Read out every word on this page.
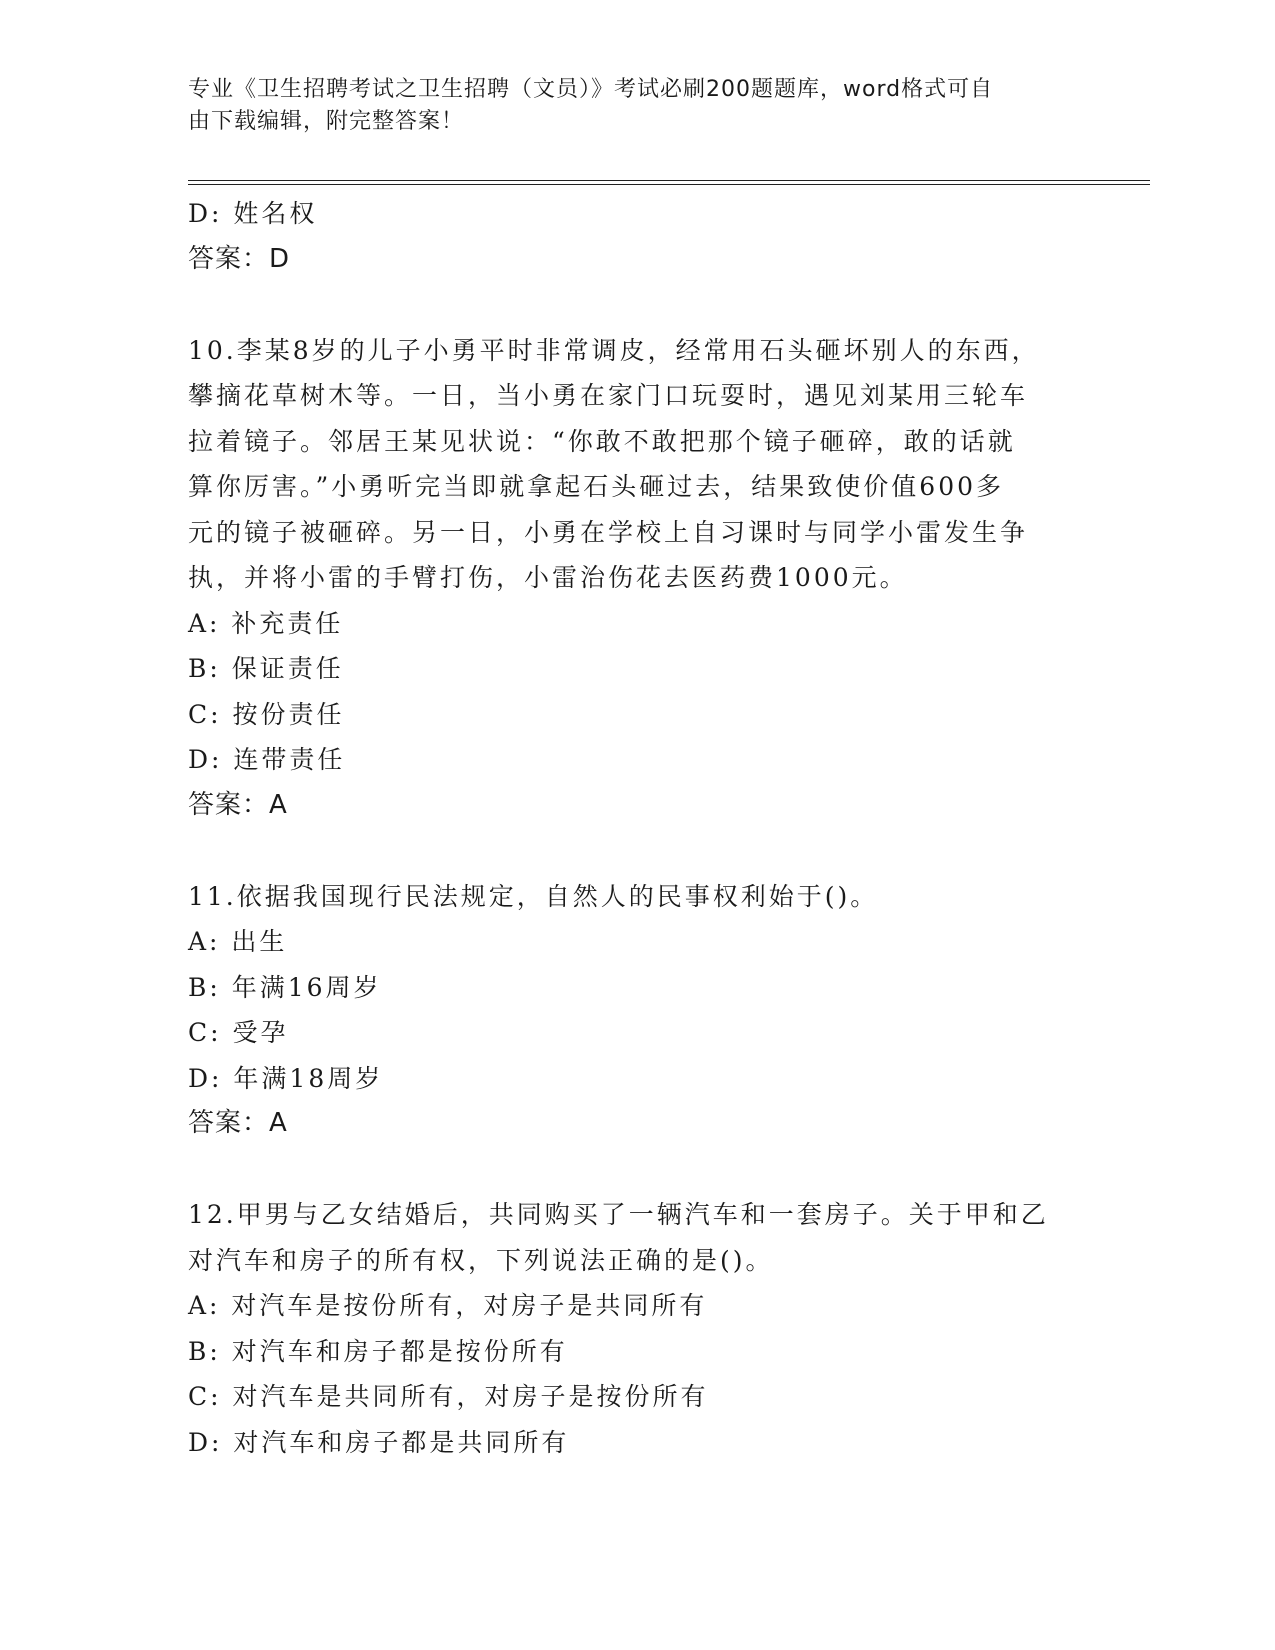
专业《卫生招聘考试之卫生招聘（文员）》考试必刷200题题库，word格式可自
由下载编辑，附完整答案！
D: 姓名权
答案：D
10.李某8岁的儿子小勇平时非常调皮，经常用石头砸坏别人的东西，
攀摘花草树木等。一日，当小勇在家门口玩耍时，遇见刘某用三轮车
拉着镜子。邻居王某见状说：“你敢不敢把那个镜子砸碎，敢的话就
算你厉害。”小勇听完当即就拿起石头砸过去，结果致使价值600多
元的镜子被砸碎。另一日，小勇在学校上自习课时与同学小雷发生争
执，并将小雷的手臂打伤，小雷治伤花去医药费1000元。
A: 补充责任
B: 保证责任
C: 按份责任
D: 连带责任
答案：A
11.依据我国现行民法规定，自然人的民事权利始于()。
A: 出生
B: 年满16周岁
C: 受孕
D: 年满18周岁
答案：A
12.甲男与乙女结婚后，共同购买了一辆汽车和一套房子。关于甲和乙
对汽车和房子的所有权，下列说法正确的是()。
A: 对汽车是按份所有，对房子是共同所有
B: 对汽车和房子都是按份所有
C: 对汽车是共同所有，对房子是按份所有
D: 对汽车和房子都是共同所有
